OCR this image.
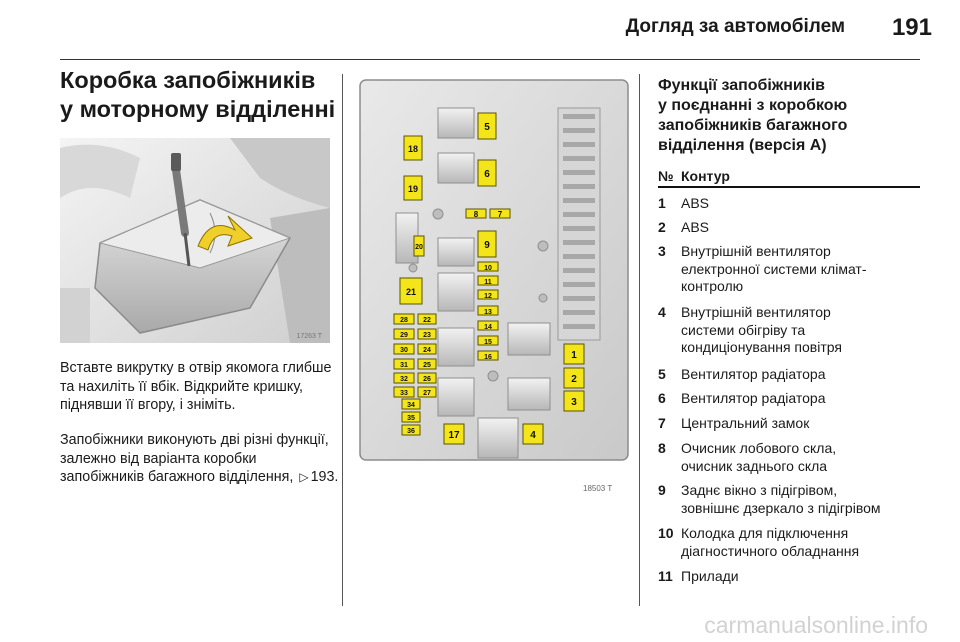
Догляд за автомобілем	191
Коробка запобіжників
у моторному відділенні
17263 T
Вставте викрутку в отвір якомога глибше та нахиліть її вбік. Відкрийте кришку, піднявши її вгору, і зніміть.
Запобіжники виконують дві різні функції, залежно від варіанта коробки запобіжників багажного відділення, ▷ 193.
5
6
7
8
9
10
11
12
13
14
15
16	1
2
3
4
17
18
19
20
21
22
23
24
25
26
27
28
29
30
31
32
33
34
35
36
18503 T
Функції запобіжників
у поєднанні з коробкою
запобіжників багажного
відділення (версія A)
№ Контур
1 ABS
2 ABS
3 Внутрішній вентилятор
електронної системи клімат-
контролю
4 Внутрішній вентилятор
системи обігріву та
кондиціонування повітря
5 Вентилятор радіатора
6 Вентилятор радіатора
7 Центральний замок
8 Очисник лобового скла,
очисник заднього скла
9 Заднє вікно з підігрівом,
зовнішнє дзеркало з підігрівом
10 Колодка для підключення
діагностичного обладнання
11 Прилади
carmanualsonline.info
